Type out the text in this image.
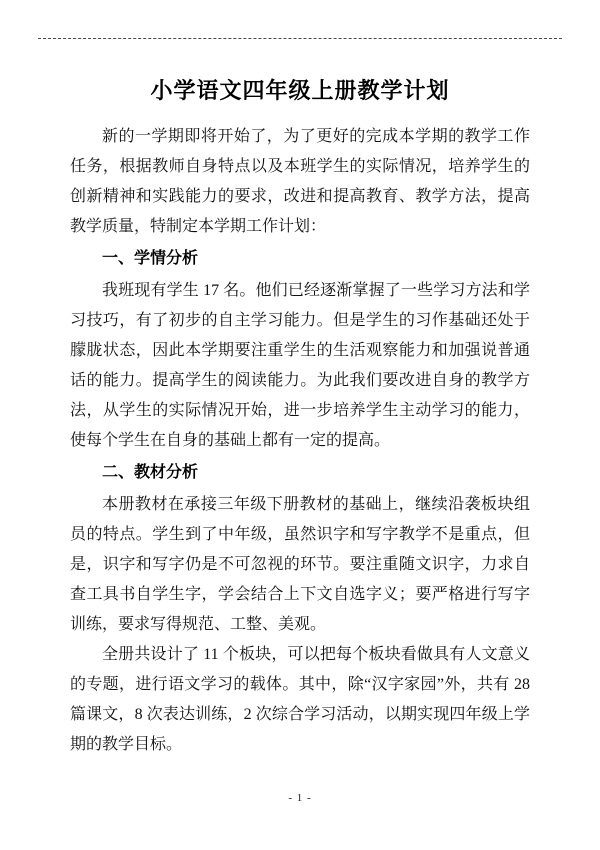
小学语文四年级上册教学计划

新的一学期即将开始了，为了更好的完成本学期的教学工作任务，根据教师自身特点以及本班学生的实际情况，培养学生的创新精神和实践能力的要求，改进和提高教育、教学方法，提高教学质量，特制定本学期工作计划：

一、学情分析

我班现有学生 17 名。他们已经逐渐掌握了一些学习方法和学习技巧，有了初步的自主学习能力。但是学生的习作基础还处于朦胧状态，因此本学期要注重学生的生活观察能力和加强说普通话的能力。提高学生的阅读能力。为此我们要改进自身的教学方法，从学生的实际情况开始，进一步培养学生主动学习的能力，使每个学生在自身的基础上都有一定的提高。

二、教材分析

本册教材在承接三年级下册教材的基础上，继续沿袭板块组员的特点。学生到了中年级，虽然识字和写字教学不是重点，但是，识字和写字仍是不可忽视的环节。要注重随文识字，力求自查工具书自学生字，学会结合上下文自选字义；要严格进行写字训练，要求写得规范、工整、美观。

全册共设计了 11 个板块，可以把每个板块看做具有人文意义的专题，进行语文学习的载体。其中，除“汉字家园”外，共有 28 篇课文，8 次表达训练，2 次综合学习活动，以期实现四年级上学期的教学目标。

- 1 -
